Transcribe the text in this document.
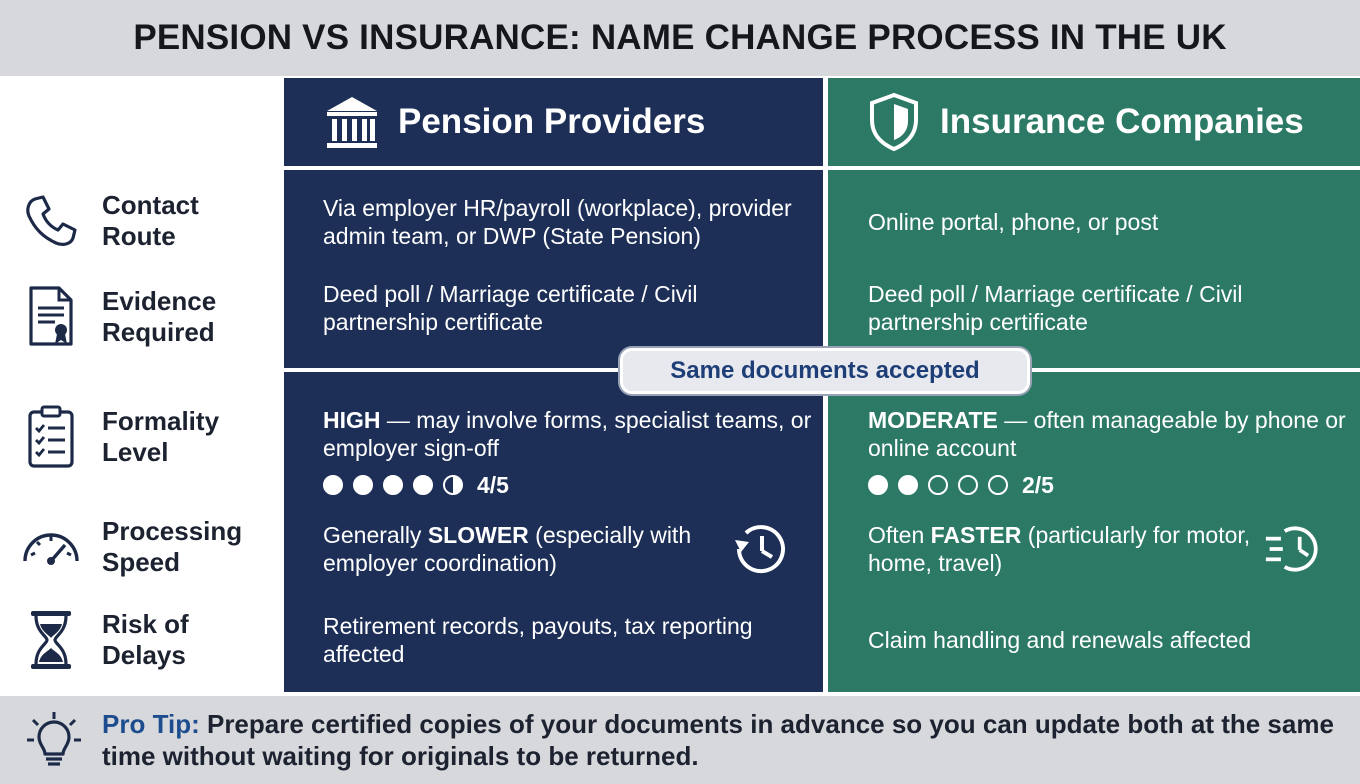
PENSION VS INSURANCE: NAME CHANGE PROCESS IN THE UK
Contact Route
Evidence Required
Formality Level
Processing Speed
Risk of Delays
Pension Providers
Via employer HR/payroll (workplace), provider admin team, or DWP (State Pension)
Deed poll / Marriage certificate / Civil partnership certificate
HIGH — may involve forms, specialist teams, or employer sign-off
4/5
Generally SLOWER (especially with employer coordination)
Retirement records, payouts, tax reporting affected
Insurance Companies
Online portal, phone, or post
Deed poll / Marriage certificate / Civil partnership certificate
MODERATE — often manageable by phone or online account
2/5
Often FASTER (particularly for motor, home, travel)
Claim handling and renewals affected
Same documents accepted
Pro Tip: Prepare certified copies of your documents in advance so you can update both at the same time without waiting for originals to be returned.
